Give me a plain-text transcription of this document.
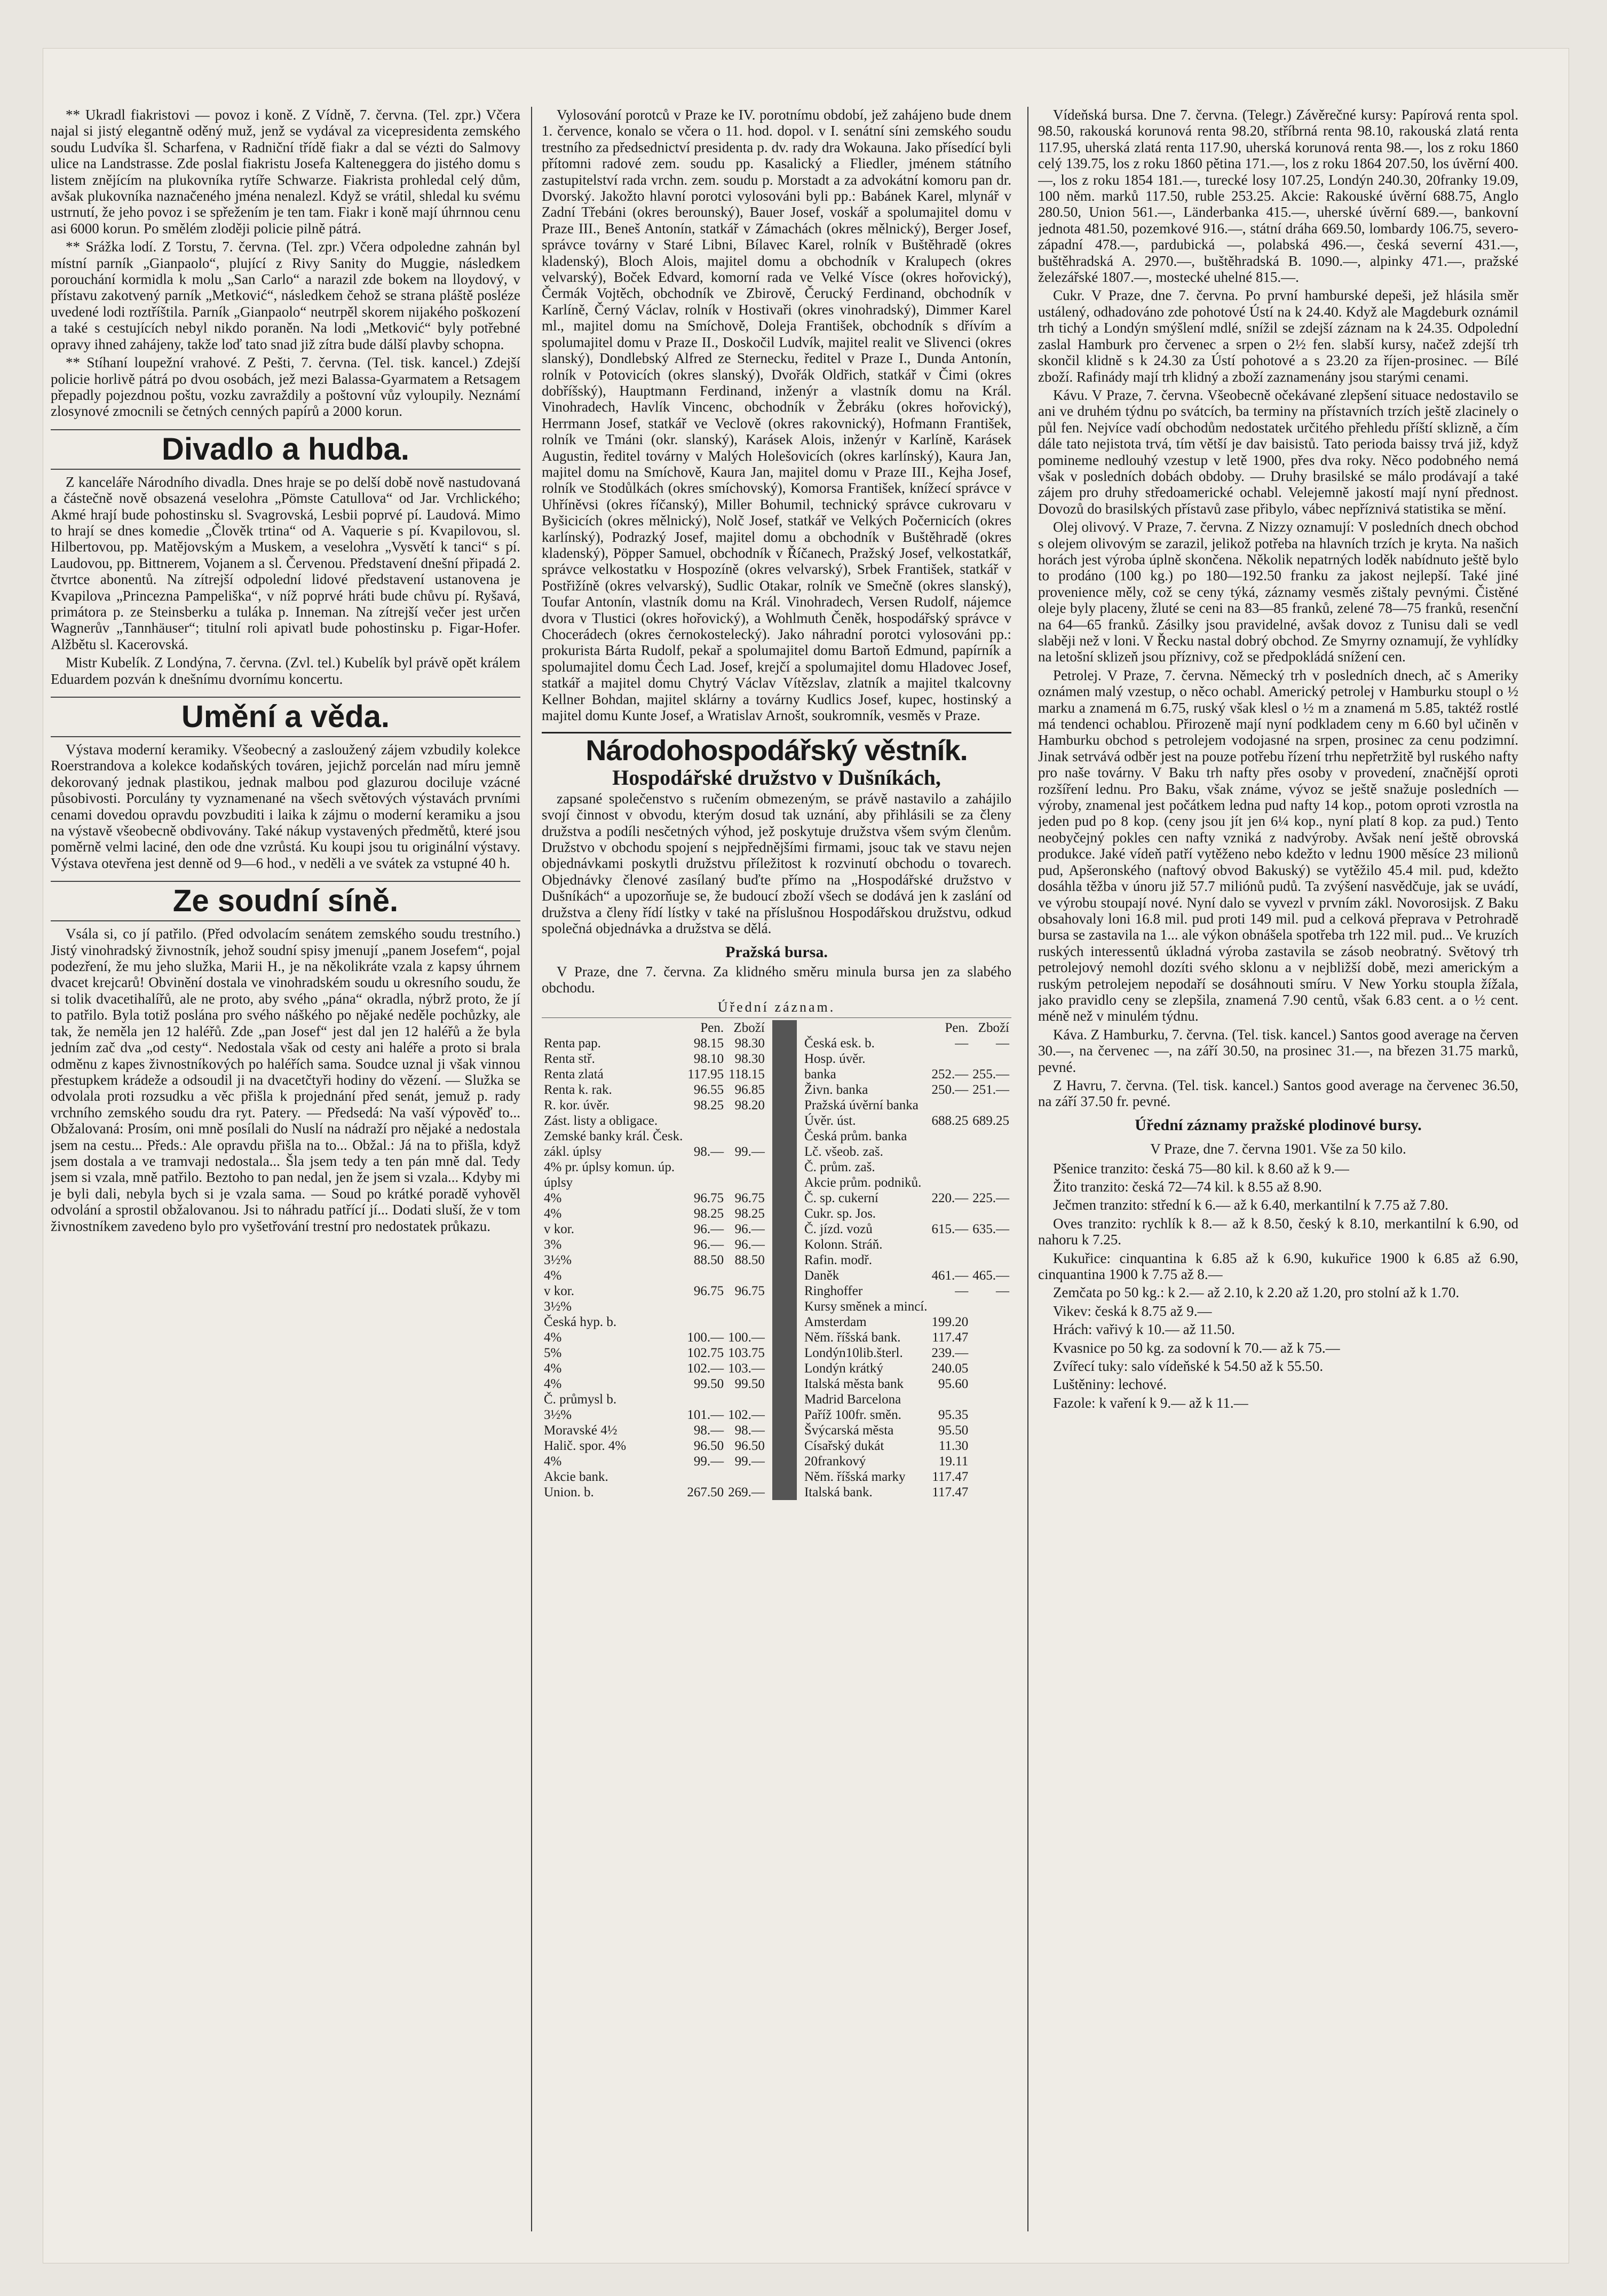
** Ukradl fiakristovi — povoz i koně. Z Vídně, 7. června. (Tel. zpr.) Včera najal si jistý elegantně oděný muž, jenž se vydával za vicepresidenta zemského soudu Ludvíka šl. Scharfena, v Radniční třídě fiakr a dal se vézti do Salmovy ulice na Landstrasse. Zde poslal fiakristu Josefa Kalteneggera do jistého domu s listem znějícím na plukovníka rytíře Schwarze. Fiakrista prohledal celý dům, avšak plukovníka naznačeného jména nenalezl. Když se vrátil, shledal ku svému ustrnutí, že jeho povoz i se spřežením je ten tam. Fiakr i koně mají úhrnnou cenu asi 6000 korun. Po smělém zloději policie pilně pátrá.

** Srážka lodí. Z Torstu, 7. června. (Tel. zpr.) Včera odpoledne zahnán byl místní parník „Gianpaolo“, plující z Rivy Sanity do Muggie, následkem porouchání kormidla k molu „San Carlo“ a narazil zde bokem na lloydový, v přístavu zakotvený parník „Metković“, následkem čehož se strana pláště posléze uvedené lodi roztříštila. Parník „Gianpaolo“ neutrpěl skorem nijakého poškození a také s cestujících nebyl nikdo poraněn. Na lodi „Metković“ byly potřebné opravy ihned zahájeny, takže loď tato snad již zítra bude dálší plavby schopna.

** Stíhaní loupežní vrahové. Z Pešti, 7. června. (Tel. tisk. kancel.) Zdejší policie horlivě pátrá po dvou osobách, jež mezi Balassa-Gyarmatem a Retsagem přepadly pojezdnou poštu, vozku zavraždily a poštovní vůz vyloupily. Neznámí zlosynové zmocnili se četných cenných papírů a 2000 korun.

Divadlo a hudba.

Z kanceláře Národního divadla. Dnes hraje se po delší době nově nastudovaná a částečně nově obsazená veselohra „Pömste Catullova“ od Jar. Vrchlického; Akmé hrají bude pohostinsku sl. Svagrovská, Lesbii poprvé pí. Laudová. Mimo to hrají se dnes komedie „Člověk trtina“ od A. Vaquerie s pí. Kvapilovou, sl. Hilbertovou, pp. Matějovským a Muskem, a veselohra „Vysvětí k tanci“ s pí. Laudovou, pp. Bittnerem, Vojanem a sl. Červenou. Představení dnešní připadá 2. čtvrtce abonentů. Na zítrejší odpolední lidové představení ustanovena je Kvapilova „Princezna Pampeliška“, v níž poprvé hráti bude chůvu pí. Ryšavá, primátora p. ze Steinsberku a tuláka p. Inneman. Na zítrejší večer jest určen Wagnerův „Tannhäuser“; titulní roli apivatl bude pohostinsku p. Figar-Hofer. Alžbětu sl. Kacerovská.

Mistr Kubelík. Z Londýna, 7. června. (Zvl. tel.) Kubelík byl právě opět králem Eduardem pozván k dnešnímu dvornímu koncertu.

Umění a věda.

Výstava moderní keramiky. Všeobecný a zasloužený zájem vzbudily kolekce Roerstrandova a kolekce kodaňských továren, jejichž porcelán nad míru jemně dekorovaný jednak plastikou, jednak malbou pod glazurou dociluje vzácné působivosti. Porculány ty vyznamenané na všech světových výstavách prvními cenami dovedou opravdu povzbuditi i laika k zájmu o moderní keramiku a jsou na výstavě všeobecně obdivovány. Také nákup vystavených předmětů, které jsou poměrně velmi laciné, den ode dne vzrůstá. Ku koupi jsou tu originální výstavy. Výstava otevřena jest denně od 9—6 hod., v neděli a ve svátek za vstupné 40 h.

Ze soudní síně.

Vsála si, co jí patřilo. (Před odvolacím senátem zemského soudu trestního.) Jistý vinohradský živnostník, jehož soudní spisy jmenují „panem Josefem“, pojal podezření, že mu jeho služka, Marii H., je na několikráte vzala z kapsy úhrnem dvacet krejcarů! Obvinění dostala ve vinohradském soudu u okresního soudu, že si tolik dvacetihalířů, ale ne proto, aby svého „pána“ okradla, nýbrž proto, že jí to patřilo. Byla totiž poslána pro svého náškého po nějaké neděle pochůzky, ale tak, že neměla jen 12 haléřů. Zde „pan Josef“ jest dal jen 12 haléřů a že byla jedním zač dva „od cesty“. Nedostala však od cesty ani haléře a proto si brala odměnu z kapes živnostníkových po haléřích sama. Soudce uznal ji však vinnou přestupkem krádeže a odsoudil ji na dvacetčtyři hodiny do vězení. — Služka se odvolala proti rozsudku a věc přišla k projednání před senát, jemuž p. rady vrchního zemského soudu dra ryt. Patery. — Předsedá: Na vaší výpověď to... Obžalovaná: Prosím, oni mně posílali do Nuslí na nádraží pro nějaké a nedostala jsem na cestu... Předs.: Ale opravdu přišla na to... Obžal.: Já na to přišla, když jsem dostala a ve tramvaji nedostala... Šla jsem tedy a ten pán mně dal. Tedy jsem si vzala, mně patřilo. Beztoho to pan nedal, jen že jsem si vzala... Kdyby mi je byli dali, nebyla bych si je vzala sama. — Soud po krátké poradě vyhověl odvolání a sprostil obžalovanou. Jsi to náhradu patřící jí... Dodati sluší, že v tom živnostníkem zavedeno bylo pro vyšetřování trestní pro nedostatek průkazu.

Vylosování porotců v Praze ke IV. porotnímu období, jež zahájeno bude dnem 1. července, konalo se včera o 11. hod. dopol. v I. senátní síni zemského soudu trestního za předsednictví presidenta p. dv. rady dra Wokauna. Jako přísedící byli přítomni radové zem. soudu pp. Kasalický a Fliedler, jménem státního zastupitelství rada vrchn. zem. soudu p. Morstadt a za advokátní komoru pan dr. Dvorský. Jakožto hlavní porotci vylosováni byli pp.: Babánek Karel, mlynář v Zadní Třebáni (okres berounský), Bauer Josef, voskář a spolumajitel domu v Praze III., Beneš Antonín, statkář v Zámachách (okres mělnický), Berger Josef, správce továrny v Staré Libni, Bílavec Karel, rolník v Buštěhradě (okres kladenský), Bloch Alois, majitel domu a obchodník v Kralupech (okres velvarský), Boček Edvard, komorní rada ve Velké Vísce (okres hořovický), Čermák Vojtěch, obchodník ve Zbirově, Čerucký Ferdinand, obchodník v Karlíně, Černý Václav, rolník v Hostivaři (okres vinohradský), Dimmer Karel ml., majitel domu na Smíchově, Doleja František, obchodník s dřívím a spolumajitel domu v Praze II., Doskočil Ludvík, majitel realit ve Slivenci (okres slanský), Dondlebský Alfred ze Sternecku, ředitel v Praze I., Dunda Antonín, rolník v Potovicích (okres slanský), Dvořák Oldřich, statkář v Čimi (okres dobříšský), Hauptmann Ferdinand, inženýr a vlastník domu na Král. Vinohradech, Havlík Vincenc, obchodník v Žebráku (okres hořovický), Herrmann Josef, statkář ve Veclově (okres rakovnický), Hofmann František, rolník ve Tmáni (okr. slanský), Karásek Alois, inženýr v Karlíně, Karásek Augustin, ředitel továrny v Malých Holešovicích (okres karlínský), Kaura Jan, majitel domu na Smíchově, Kaura Jan, majitel domu v Praze III., Kejha Josef, rolník ve Stodůlkách (okres smíchovský), Komorsa František, knížecí správce v Uhříněvsi (okres říčanský), Miller Bohumil, technický správce cukrovaru v Byšicicích (okres mělnický), Nolč Josef, statkář ve Velkých Počernicích (okres karlínský), Podrazký Josef, majitel domu a obchodník v Buštěhradě (okres kladenský), Pöpper Samuel, obchodník v Říčanech, Pražský Josef, velkostatkář, správce velkostatku v Hospozíně (okres velvarský), Srbek František, statkář v Postřižíně (okres velvarský), Sudlic Otakar, rolník ve Smečně (okres slanský), Toufar Antonín, vlastník domu na Král. Vinohradech, Versen Rudolf, nájemce dvora v Tlustici (okres hořovický), a Wohlmuth Čeněk, hospodářský správce v Chocerádech (okres černokostelecký). Jako náhradní porotci vylosováni pp.: prokurista Bárta Rudolf, pekař a spolumajitel domu Bartoň Edmund, papírník a spolumajitel domu Čech Lad. Josef, krejčí a spolumajitel domu Hladovec Josef, statkář a majitel domu Chytrý Václav Vítězslav, zlatník a majitel tkalcovny Kellner Bohdan, majitel sklárny a továrny Kudlics Josef, kupec, hostinský a majitel domu Kunte Josef, a Wratislav Arnošt, soukromník, vesměs v Praze.

Národohospodářský věstník.
Hospodářské družstvo v Dušníkách,

zapsané společenstvo s ručením obmezeným, se právě nastavilo a zahájilo svojí činnost v obvodu, kterým dosud tak uznání, aby přihlásili se za členy družstva a podíli nesčetných výhod, jež poskytuje družstva všem svým členům. Družstvo v obchodu spojení s nejpřednějšími firmami, jsouc tak ve stavu nejen objednávkami poskytli družstvu příležitost k rozvinutí obchodu o tovarech. Objednávky členové zasílaný buďte přímo na „Hospodářské družstvo v Dušníkách“ a upozorňuje se, že budoucí zboží všech se dodává jen k zaslání od družstva a členy řídí lístky v také na příslušnou Hospodářskou družstvu, odkud společná objednávka a družstva se dělá.

Pražská bursa.

V Praze, dne 7. června. Za klidného směru minula bursa jen za slabého obchodu.

Úřední záznam.
	Pen.	Zboží
Renta pap.	98.15	98.30
Renta stř.	98.10	98.30
Renta zlatá	117.95	118.15
Renta k. rak.	96.55	96.85
R. kor. úvěr.	98.25	98.20
Zást. listy a obligace.		
Zemské banky král. Česk.		
zákl. úplsy	98.—	99.—
4% pr. úplsy komun. úp.		
úplsy		
4%	96.75	96.75
4%	98.25	98.25
v kor.	96.—	96.—
3%	96.—	96.—
3½%	88.50	88.50
4%		
v kor.	96.75	96.75
3½%		
Česká hyp. b.		
4%	100.—	100.—
5%	102.75	103.75
4%	102.—	103.—
4%	99.50	99.50
Č. průmysl b.		
3½%	101.—	102.—
Moravské 4½	98.—	98.—
Halič. spor. 4%	96.50	96.50
4%	99.—	99.—
Akcie bank.		
Union. b.	267.50	269.—
	Pen.	Zboží
Česká esk. b.	—	—
Hosp. úvěr.		
banka	252.—	255.—
Živn. banka	250.—	251.—
Pražská úvěrní banka		
Úvěr. úst.	688.25	689.25
Česká prům. banka		
Lč. všeob. zaš.		
Č. prům. zaš.		
Akcie prům. podniků.		
Č. sp. cukerní	220.—	225.—
Cukr. sp. Jos.		
Č. jízd. vozů	615.—	635.—
Kolonn. Stráň.		
Rafin. modř.		
Daněk	461.—	465.—
Ringhoffer	—	—
Kursy směnek a mincí.		
Amsterdam	199.20	
Něm. říšská bank.	117.47	
Londýn10lib.šterl.	239.—	
Londýn krátký	240.05	
Italská města bank	95.60	
Madrid Barcelona		
Paříž 100fr. směn.	95.35	
Švýcarská města	95.50	
Císařský dukát	11.30	
20frankový	19.11	
Něm. říšská marky	117.47	
Italská bank.	117.47	

Vídeňská bursa. Dne 7. června. (Telegr.) Závěrečné kursy: Papírová renta spol. 98.50, rakouská korunová renta 98.20, stříbrná renta 98.10, rakouská zlatá renta 117.95, uherská zlatá renta 117.90, uherská korunová renta 98.—, los z roku 1860 celý 139.75, los z roku 1860 pětina 171.—, los z roku 1864 207.50, los úvěrní 400.—, los z roku 1854 181.—, turecké losy 107.25, Londýn 240.30, 20franky 19.09, 100 něm. marků 117.50, ruble 253.25. Akcie: Rakouské úvěrní 688.75, Anglo 280.50, Union 561.—, Länderbanka 415.—, uherské úvěrní 689.—, bankovní jednota 481.50, pozemkové 916.—, státní dráha 669.50, lombardy 106.75, severo-západní 478.—, pardubická —, polabská 496.—, česká severní 431.—, buštěhradská A. 2970.—, buštěhradská B. 1090.—, alpinky 471.—, pražské železářské 1807.—, mostecké uhelné 815.—.

Cukr. V Praze, dne 7. června. Po první hamburské depeši, jež hlásila směr ustálený, odhadováno zde pohotové Ústí na k 24.40. Když ale Magdeburk oznámil trh tichý a Londýn smýšlení mdlé, snížil se zdejší záznam na k 24.35. Odpolední zaslal Hamburk pro červenec a srpen o 2½ fen. slabší kursy, načež zdejší trh skončil klidně s k 24.30 za Ústí pohotové a s 23.20 za říjen-prosinec. — Bílé zboží. Rafinády mají trh klidný a zboží zaznamenány jsou starými cenami.

Kávu. V Praze, 7. června. Všeobecně očekávané zlepšení situace nedostavilo se ani ve druhém týdnu po svátcích, ba terminy na přístavních trzích ještě zlacinely o půl fen. Nejvíce vadí obchodům nedostatek určitého přehledu příští sklizně, a čím dále tato nejistota trvá, tím větší je dav baisistů. Tato perioda baissy trvá již, když pomineme nedlouhý vzestup v letě 1900, přes dva roky. Něco podobného nemá však v posledních dobách obdoby. — Druhy brasilské se málo prodávají a také zájem pro druhy středoamerické ochabl. Velejemně jakostí mají nyní přednost. Dovozů do brasilských přístavů zase přibylo, vábec nepříznivá statistika se mění.

Olej olivový. V Praze, 7. června. Z Nizzy oznamují: V posledních dnech obchod s olejem olivovým se zarazil, jelikož potřeba na hlavních trzích je kryta. Na našich horách jest výroba úplně skončena. Několik nepatrných loděk nabídnuto ještě bylo to prodáno (100 kg.) po 180—192.50 franku za jakost nejlepší. Také jiné provenience měly, což se ceny týká, záznamy vesměs zištaly pevnými. Čistěné oleje byly placeny, žluté se ceni na 83—85 franků, zelené 78—75 franků, resenční na 64—65 franků. Zásilky jsou pravidelné, avšak dovoz z Tunisu dali se vedl slaběji než v loni. V Řecku nastal dobrý obchod. Ze Smyrny oznamují, že vyhlídky na letošní sklizeň jsou příznivy, což se předpokládá snížení cen.

Petrolej. V Praze, 7. června. Německý trh v posledních dnech, ač s Ameriky oznámen malý vzestup, o něco ochabl. Americký petrolej v Hamburku stoupl o ½ marku a znamená m 6.75, ruský však klesl o ½ m a znamená m 5.85, taktéž rostlé má tendenci ochablou. Přirozeně mají nyní podkladem ceny m 6.60 byl učiněn v Hamburku obchod s petrolejem vodojasné na srpen, prosinec za cenu podzimní. Jinak setrvává odběr jest na pouze potřebu řízení trhu nepřetržitě byl ruského nafty pro naše továrny. V Baku trh nafty přes osoby v provedení, značnější oproti rozšíření lednu. Pro Baku, však známe, vývoz se ještě snažuje posledních — výroby, znamenal jest počátkem ledna pud nafty 14 kop., potom oproti vzrostla na jeden pud po 8 kop. (ceny jsou jít jen 6¼ kop., nyní platí 8 kop. za pud.) Tento neobyčejný pokles cen nafty vzniká z nadvýroby. Avšak není ještě obrovská produkce. Jaké vídeň patří vytěženo nebo kdežto v lednu 1900 měsíce 23 milionů pud, Apšeronského (naftový obvod Bakuský) se vytěžilo 45.4 mil. pud, kdežto dosáhla těžba v únoru již 57.7 miliónů pudů. Ta zvýšení nasvědčuje, jak se uvádí, ve výrobu stoupají nové. Nyní dalo se vyvezl v prvním zákl. Novorosijsk. Z Baku obsahovaly loni 16.8 mil. pud proti 149 mil. pud a celková přeprava v Petrohradě bursa se zastavila na 1... ale výkon obnášela spotřeba trh 122 mil. pud... Ve kruzích ruských interessentů úkladná výroba zastavila se zásob neobratný. Světový trh petrolejový nemohl dozíti svého sklonu a v nejbližší době, mezi americkým a ruským petrolejem nepodaří se dosáhnouti smíru. V New Yorku stoupla žížala, jako pravidlo ceny se zlepšila, znamená 7.90 centů, však 6.83 cent. a o ½ cent. méně než v minulém týdnu.

Káva. Z Hamburku, 7. června. (Tel. tisk. kancel.) Santos good average na červen 30.—, na červenec —, na září 30.50, na prosinec 31.—, na březen 31.75 marků, pevné.

Z Havru, 7. června. (Tel. tisk. kancel.) Santos good average na červenec 36.50, na září 37.50 fr. pevné.

Úřední záznamy pražské plodinové bursy.

V Praze, dne 7. června 1901. Vše za 50 kilo.

Pšenice tranzito: česká 75—80 kil. k 8.60 až k 9.—

Žito tranzito: česká 72—74 kil. k 8.55 až 8.90.

Ječmen tranzito: střední k 6.— až k 6.40, merkantilní k 7.75 až 7.80.

Oves tranzito: rychlík k 8.— až k 8.50, český k 8.10, merkantilní k 6.90, od nahoru k 7.25.

Kukuřice: cinquantina k 6.85 až k 6.90, kukuřice 1900 k 6.85 až 6.90, cinquantina 1900 k 7.75 až 8.—

Zemčata po 50 kg.: k 2.— až 2.10, k 2.20 až 1.20, pro stolní až k 1.70.

Vikev: česká k 8.75 až 9.—

Hrách: vařivý k 10.— až 11.50.

Kvasnice po 50 kg. za sodovní k 70.— až k 75.—

Zvířecí tuky: salo vídeňské k 54.50 až k 55.50.

Luštěniny: lechové.

Fazole: k vaření k 9.— až k 11.—
